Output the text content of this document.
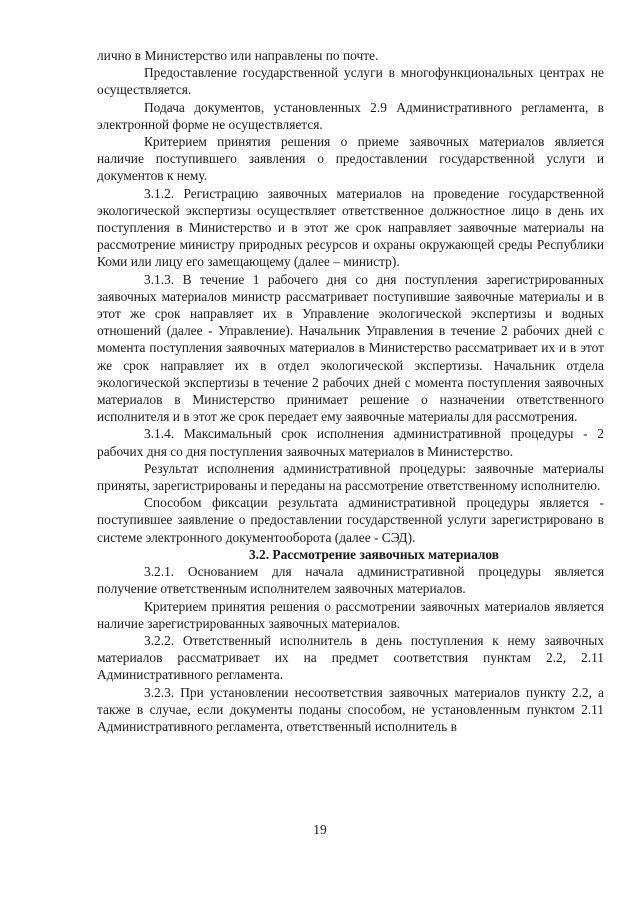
лично в Министерство или направлены по почте.

Предоставление государственной услуги в многофункциональных центрах не осуществляется.

Подача документов, установленных 2.9 Административного регламента, в электронной форме не осуществляется.

Критерием принятия решения о приеме заявочных материалов является наличие поступившего заявления о предоставлении государственной услуги и документов к нему.

3.1.2. Регистрацию заявочных материалов на проведение государственной экологической экспертизы осуществляет ответственное должностное лицо в день их поступления в Министерство и в этот же срок направляет заявочные материалы на рассмотрение министру природных ресурсов и охраны окружающей среды Республики Коми или лицу его замещающему (далее – министр).

3.1.3. В течение 1 рабочего дня со дня поступления зарегистрированных заявочных материалов министр рассматривает поступившие заявочные материалы и в этот же срок направляет их в Управление экологической экспертизы и водных отношений (далее - Управление). Начальник Управления в течение 2 рабочих дней с момента поступления заявочных материалов в Министерство рассматривает их и в этот же срок направляет их в отдел экологической экспертизы. Начальник отдела экологической экспертизы в течение 2 рабочих дней с момента поступления заявочных материалов в Министерство принимает решение о назначении ответственного исполнителя и в этот же срок передает ему заявочные материалы для рассмотрения.

3.1.4. Максимальный срок исполнения административной процедуры - 2 рабочих дня со дня поступления заявочных материалов в Министерство.

Результат исполнения административной процедуры: заявочные материалы приняты, зарегистрированы и переданы на рассмотрение ответственному исполнителю.

Способом фиксации результата административной процедуры является - поступившее заявление о предоставлении государственной услуги зарегистрировано в системе электронного документооборота (далее - СЭД).

3.2. Рассмотрение заявочных материалов

3.2.1. Основанием для начала административной процедуры является получение ответственным исполнителем заявочных материалов.

Критерием принятия решения о рассмотрении заявочных материалов является наличие зарегистрированных заявочных материалов.

3.2.2. Ответственный исполнитель в день поступления к нему заявочных материалов рассматривает их на предмет соответствия пунктам 2.2, 2.11 Административного регламента.

3.2.3. При установлении несоответствия заявочных материалов пункту 2.2, а также в случае, если документы поданы способом, не установленным пунктом 2.11 Административного регламента, ответственный исполнитель в

19
